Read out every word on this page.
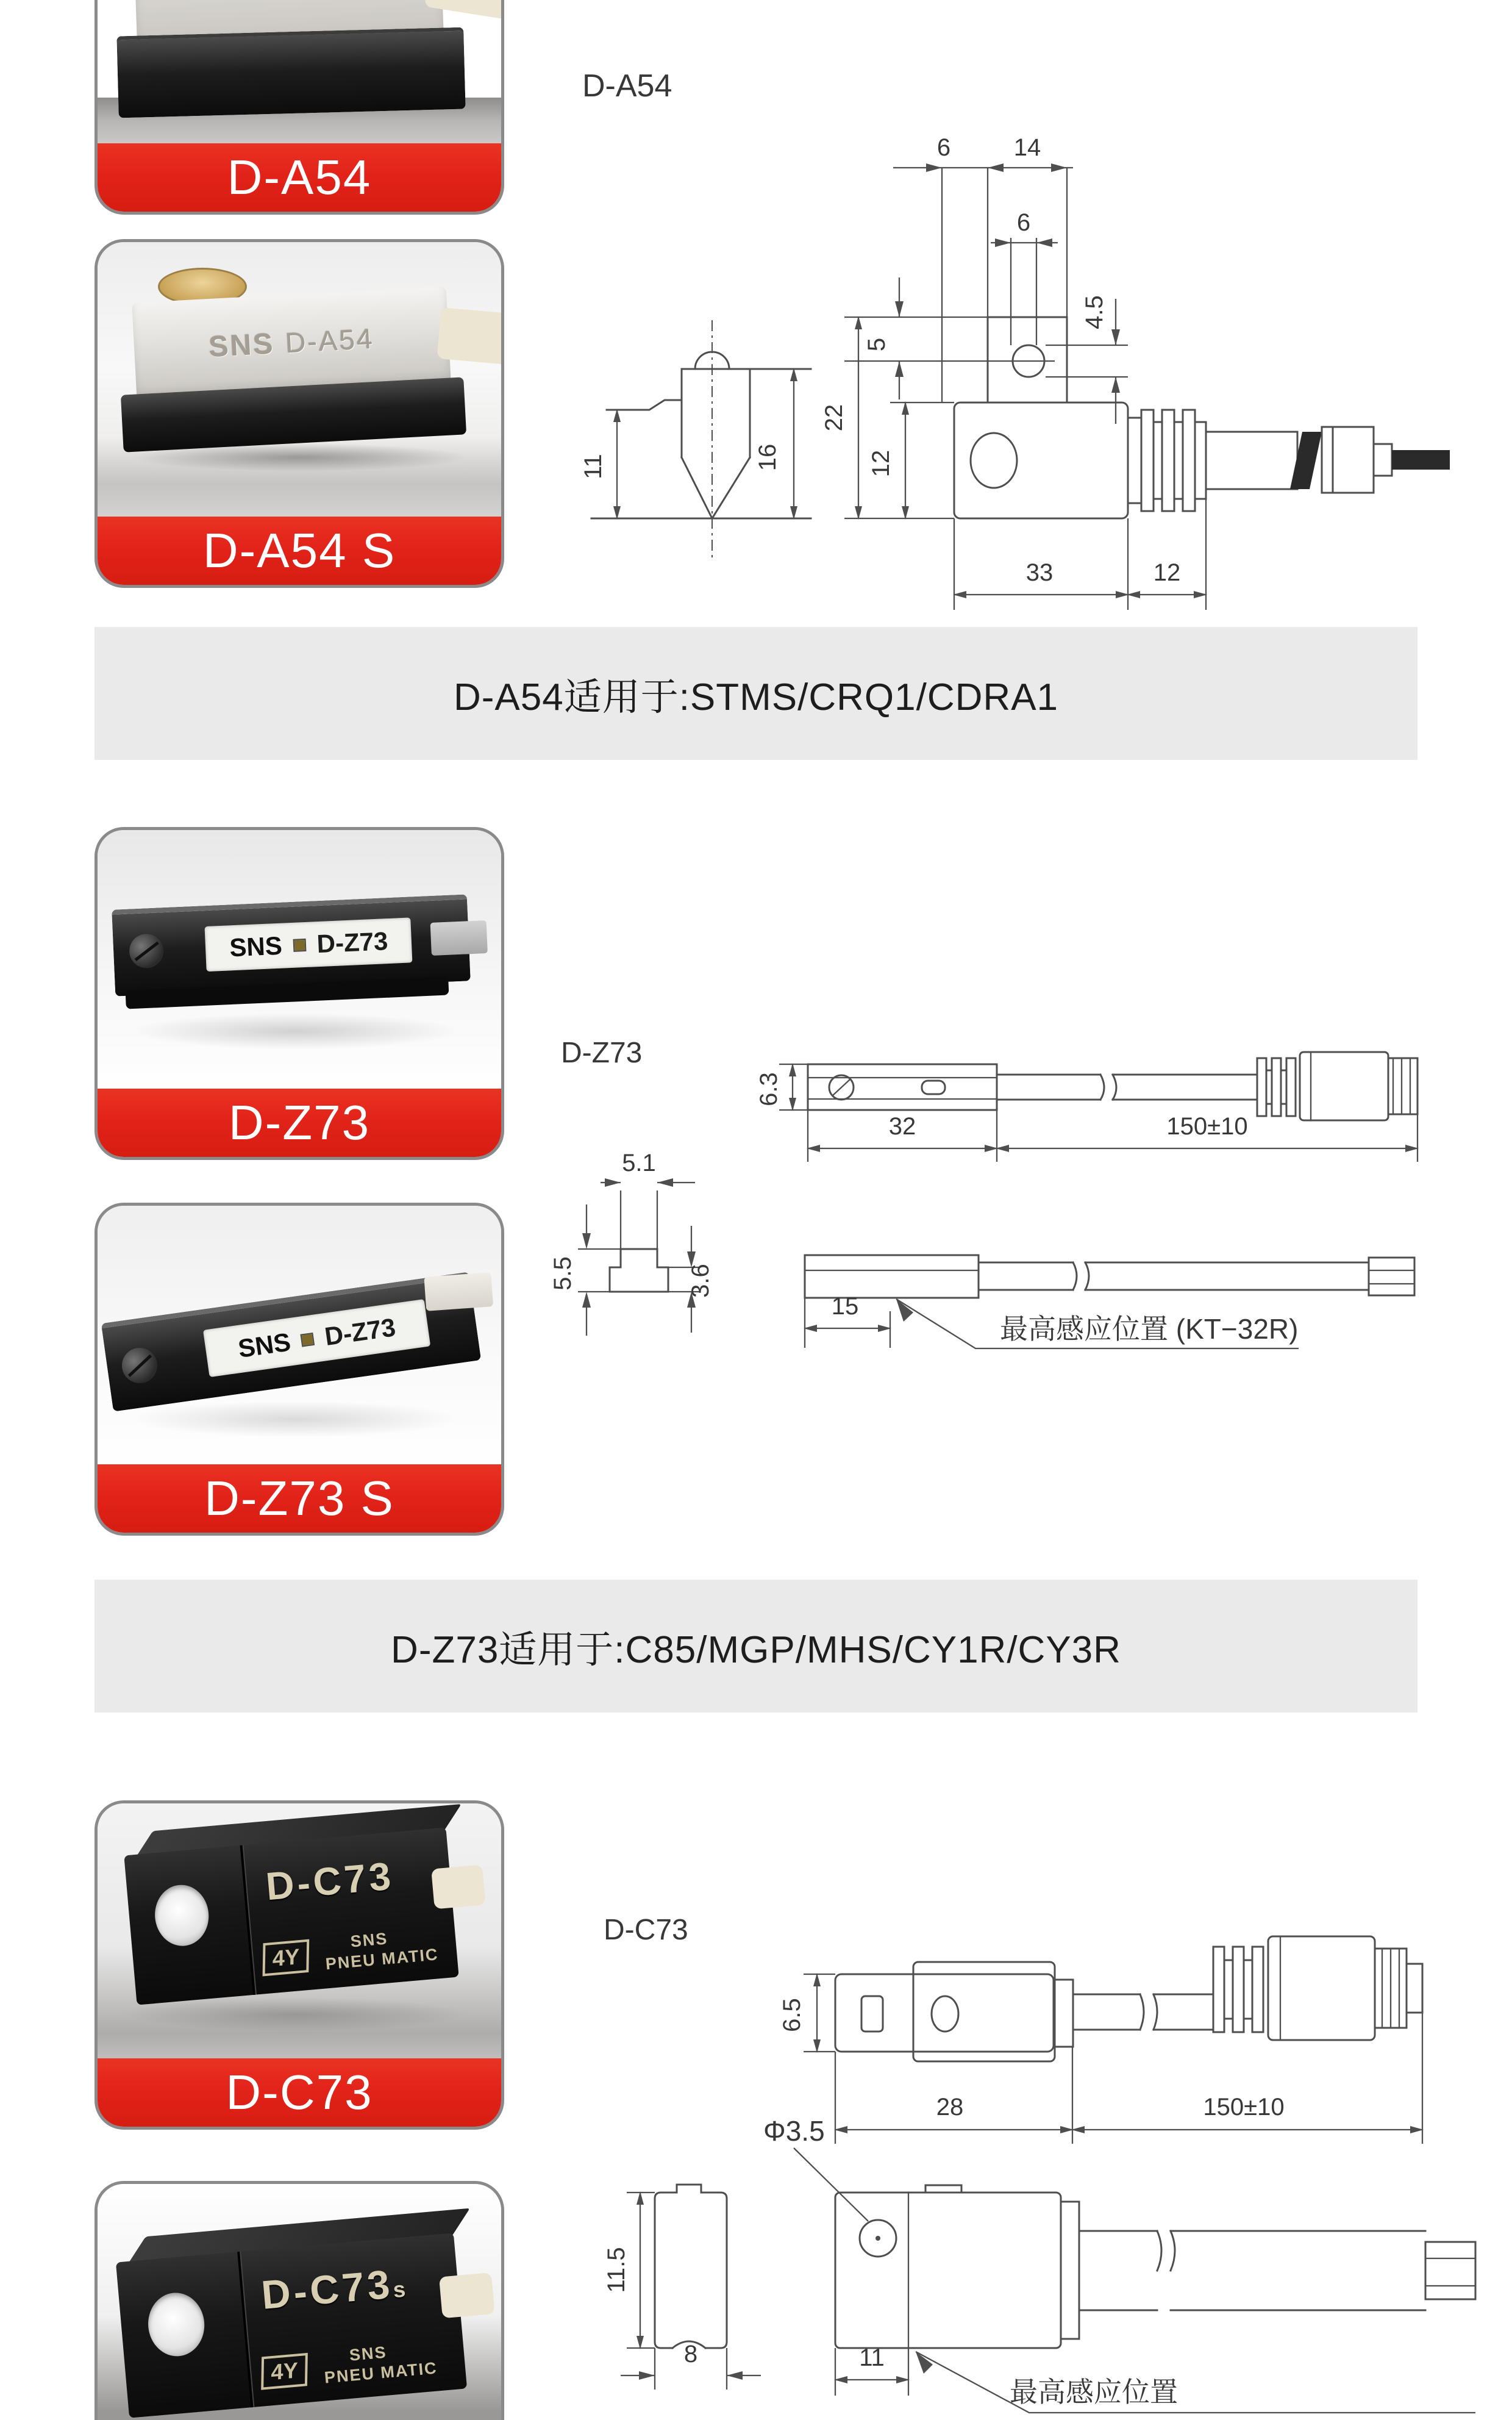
D-A54
SNS D-A54
D-A54 S
D-A54适用于:STMS/CRQ1/CDRA1
SNS D-Z73
D-Z73
SNS D-Z73
D-Z73 S
D-Z73适用于:C85/MGP/MHS/CY1R/CY3R
D-C73
4Y
SNS
PNEU MATIC
D-C73
D-C73s
4Y
SNS
PNEU MATIC
D-A54
11	16
6	14
6
4.5
5
12
22
33	12
D-Z73
6.3
32	150±10
5.1
5.5	3.6
15
最高感应位置 (KT−32R)
D-C73
6.5
28	150±10
Φ3.5
11.5
8	11
最高感应位置
